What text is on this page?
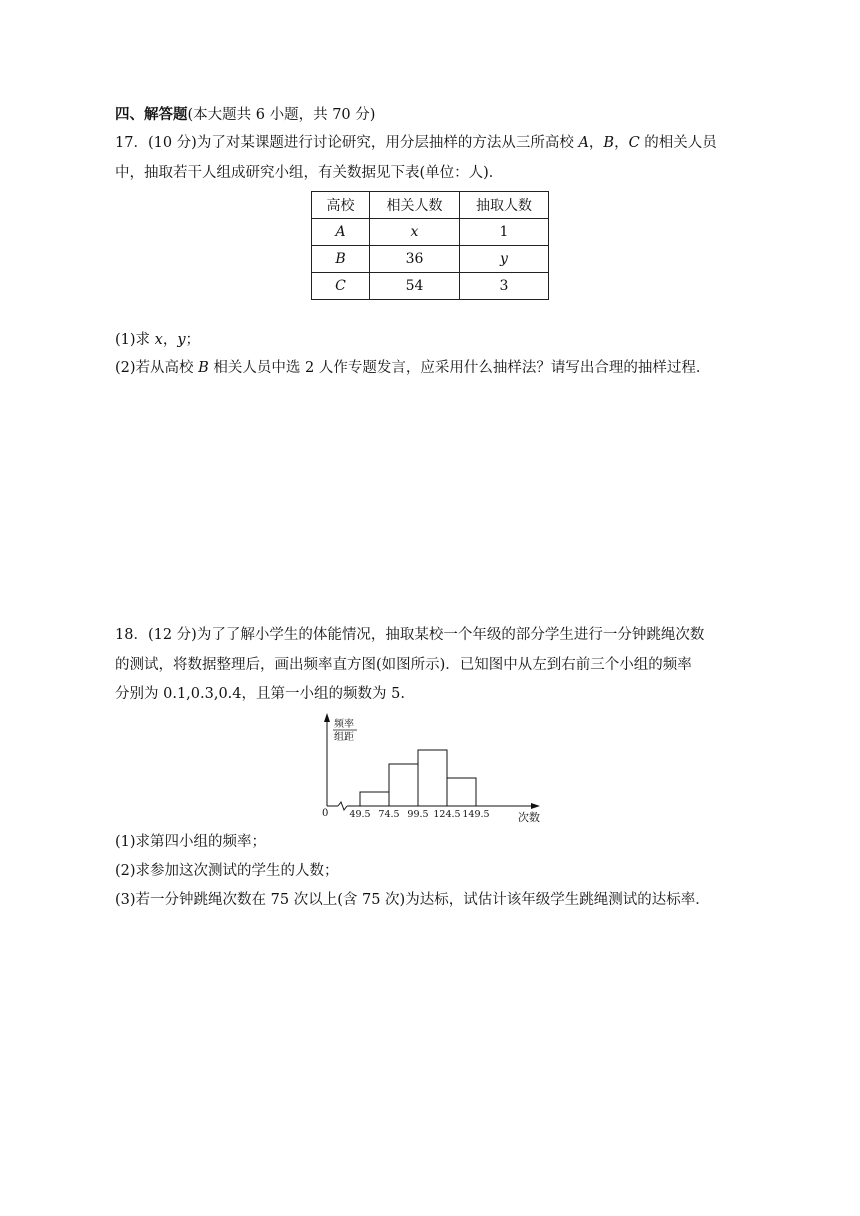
四、解答题(本大题共 6 小题，共 70 分)
17．(10 分)为了对某课题进行讨论研究，用分层抽样的方法从三所高校 A，B，C 的相关人员
中，抽取若干人组成研究小组，有关数据见下表(单位：人)．
高校	相关人数	抽取人数
A	x	1
B	36	y
C	54	3
(1)求 x，y；
(2)若从高校 B 相关人员中选 2 人作专题发言，应采用什么抽样法？请写出合理的抽样过程．
18．(12 分)为了了解小学生的体能情况，抽取某校一个年级的部分学生进行一分钟跳绳次数
的测试，将数据整理后，画出频率直方图(如图所示)．已知图中从左到右前三个小组的频率
分别为 0.1,0.3,0.4，且第一小组的频数为 5.
频率
组距
0	次数
49.5 74.5 99.5 124.5 149.5
(1)求第四小组的频率；
(2)求参加这次测试的学生的人数；
(3)若一分钟跳绳次数在 75 次以上(含 75 次)为达标，试估计该年级学生跳绳测试的达标率．
